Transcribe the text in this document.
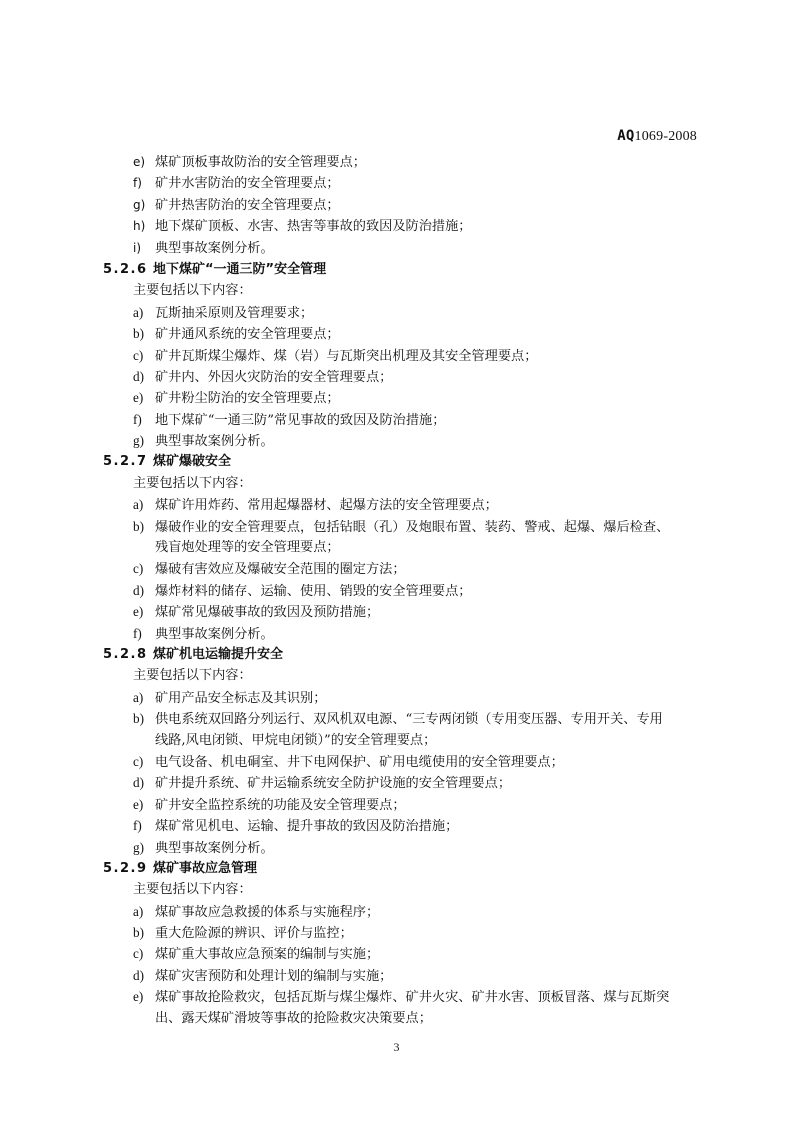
AQ1069-2008
e) 煤矿顶板事故防治的安全管理要点；
f) 矿井水害防治的安全管理要点；
g) 矿井热害防治的安全管理要点；
h) 地下煤矿顶板、水害、热害等事故的致因及防治措施；
i) 典型事故案例分析。
5.2.6 地下煤矿“一通三防”安全管理
主要包括以下内容：
a) 瓦斯抽采原则及管理要求；
b) 矿井通风系统的安全管理要点；
c) 矿井瓦斯煤尘爆炸、煤（岩）与瓦斯突出机理及其安全管理要点；
d) 矿井内、外因火灾防治的安全管理要点；
e) 矿井粉尘防治的安全管理要点；
f) 地下煤矿“一通三防”常见事故的致因及防治措施；
g) 典型事故案例分析。
5.2.7 煤矿爆破安全
主要包括以下内容：
a) 煤矿许用炸药、常用起爆器材、起爆方法的安全管理要点；
b) 爆破作业的安全管理要点，包括钻眼（孔）及炮眼布置、装药、警戒、起爆、爆后检查、
残盲炮处理等的安全管理要点；
c) 爆破有害效应及爆破安全范围的圈定方法；
d) 爆炸材料的储存、运输、使用、销毁的安全管理要点；
e) 煤矿常见爆破事故的致因及预防措施；
f) 典型事故案例分析。
5.2.8 煤矿机电运输提升安全
主要包括以下内容：
a) 矿用产品安全标志及其识别；
b) 供电系统双回路分列运行、双风机双电源、“三专两闭锁（专用变压器、专用开关、专用
线路,风电闭锁、甲烷电闭锁）”的安全管理要点；
c) 电气设备、机电硐室、井下电网保护、矿用电缆使用的安全管理要点；
d) 矿井提升系统、矿井运输系统安全防护设施的安全管理要点；
e) 矿井安全监控系统的功能及安全管理要点；
f) 煤矿常见机电、运输、提升事故的致因及防治措施；
g) 典型事故案例分析。
5.2.9 煤矿事故应急管理
主要包括以下内容：
a) 煤矿事故应急救援的体系与实施程序；
b) 重大危险源的辨识、评价与监控；
c) 煤矿重大事故应急预案的编制与实施；
d) 煤矿灾害预防和处理计划的编制与实施；
e) 煤矿事故抢险救灾，包括瓦斯与煤尘爆炸、矿井火灾、矿井水害、顶板冒落、煤与瓦斯突
出、露天煤矿滑坡等事故的抢险救灾决策要点；
3
